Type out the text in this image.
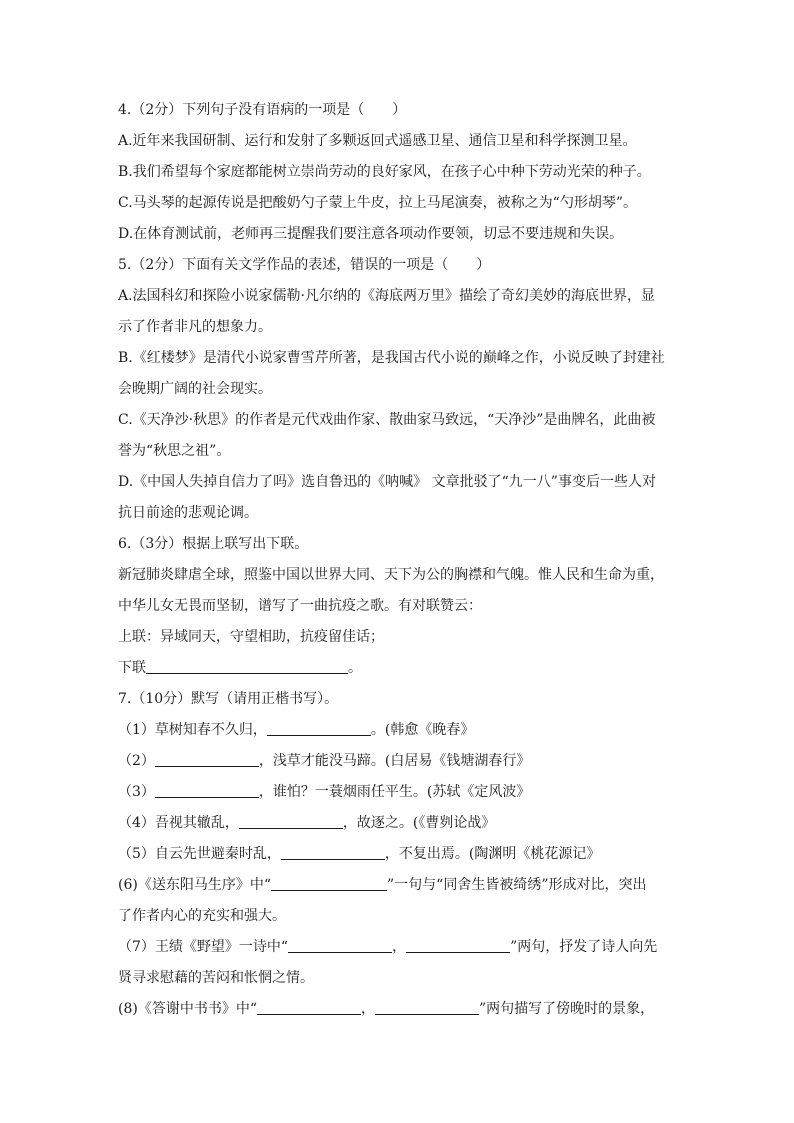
4.（2分）下列句子没有语病的一项是（　　）
A.近年来我国研制、运行和发射了多颗返回式遥感卫星、通信卫星和科学探测卫星。
B.我们希望每个家庭都能树立崇尚劳动的良好家风，在孩子心中种下劳动光荣的种子。
C.马头琴的起源传说是把酸奶勺子蒙上牛皮，拉上马尾演奏，被称之为“勺形胡琴”。
D.在体育测试前，老师再三提醒我们要注意各项动作要领，切忌不要违规和失误。
5.（2分）下面有关文学作品的表述，错误的一项是（　　）
A.法国科幻和探险小说家儒勒·凡尔纳的《海底两万里》描绘了奇幻美妙的海底世界，显
示了作者非凡的想象力。
B.《红楼梦》是清代小说家曹雪芹所著，是我国古代小说的巅峰之作，小说反映了封建社
会晚期广阔的社会现实。
C.《天净沙·秋思》的作者是元代戏曲作家、散曲家马致远，“天净沙”是曲牌名，此曲被
誉为“秋思之祖”。
D.《中国人失掉自信力了吗》选自鲁迅的《呐喊》 文章批驳了“九一八”事变后一些人对
抗日前途的悲观论调。
6.（3分）根据上联写出下联。
新冠肺炎肆虐全球，照鉴中国以世界大同、天下为公的胸襟和气魄。惟人民和生命为重，
中华儿女无畏而坚韧，谱写了一曲抗疫之歌。有对联赞云：
上联：异域同天，守望相助，抗疫留佳话；
下联	。
7.（10分）默写（请用正楷书写）。
（1）草树知春不久归，	。(韩愈《晚春》
（2）	，浅草才能没马蹄。(白居易《钱塘湖春行》
（3）	，谁怕？一蓑烟雨任平生。(苏轼《定风波》
（4）吾视其辙乱，	，故逐之。(《曹刿论战》
（5）自云先世避秦时乱，	，不复出焉。(陶渊明《桃花源记》
(6)《送东阳马生序》中“	”一句与“同舍生皆被绮绣”形成对比，突出
了作者内心的充实和强大。
（7）王绩《野望》一诗中“	，	”两句，抒发了诗人向先
贤寻求慰藉的苦闷和怅惘之情。
(8)《答谢中书书》中“	，	”两句描写了傍晚时的景象，
